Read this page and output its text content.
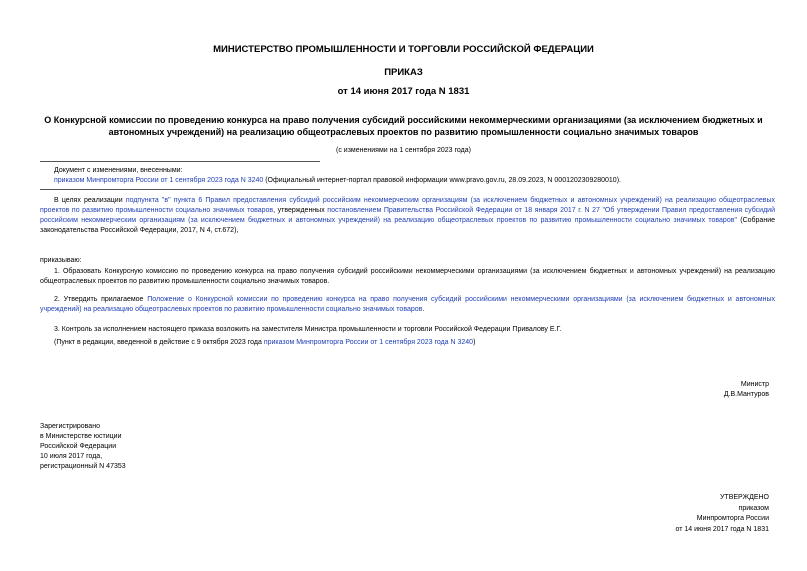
МИНИСТЕРСТВО ПРОМЫШЛЕННОСТИ И ТОРГОВЛИ РОССИЙСКОЙ ФЕДЕРАЦИИ
ПРИКАЗ
от 14 июня 2017 года N 1831
О Конкурсной комиссии по проведению конкурса на право получения субсидий российскими некоммерческими организациями (за исключением бюджетных и автономных учреждений) на реализацию общеотраслевых проектов по развитию промышленности социально значимых товаров
(с изменениями на 1 сентября 2023 года)
Документ с изменениями, внесенными:
приказом Минпромторга России от 1 сентября 2023 года N 3240 (Официальный интернет-портал правовой информации www.pravo.gov.ru, 28.09.2023, N 0001202309280010).
В целях реализации подпункта "в" пункта 6 Правил предоставления субсидий российским некоммерческим организациям (за исключением бюджетных и автономных учреждений) на реализацию общеотраслевых проектов по развитию промышленности социально значимых товаров, утвержденных постановлением Правительства Российской Федерации от 18 января 2017 г. N 27 "Об утверждении Правил предоставления субсидий российским некоммерческим организациям (за исключением бюджетных и автономных учреждений) на реализацию общеотраслевых проектов по развитию промышленности социально значимых товаров" (Собрание законодательства Российской Федерации, 2017, N 4, ст.672),
приказываю:
1. Образовать Конкурсную комиссию по проведению конкурса на право получения субсидий российскими некоммерческими организациями (за исключением бюджетных и автономных учреждений) на реализацию общеотраслевых проектов по развитию промышленности социально значимых товаров.
2. Утвердить прилагаемое Положение о Конкурсной комиссии по проведению конкурса на право получения субсидий российскими некоммерческими организациями (за исключением бюджетных и автономных учреждений) на реализацию общеотраслевых проектов по развитию промышленности социально значимых товаров.
3. Контроль за исполнением настоящего приказа возложить на заместителя Министра промышленности и торговли Российской Федерации Привалову Е.Г.
(Пункт в редакции, введенной в действие с 9 октября 2023 года приказом Минпромторга России от 1 сентября 2023 года N 3240)
Министр
Д.В.Мантуров
Зарегистрировано
в Министерстве юстиции
Российской Федерации
10 июля 2017 года,
регистрационный N 47353
УТВЕРЖДЕНО
приказом
Минпромторга России
от 14 июня 2017 года N 1831
